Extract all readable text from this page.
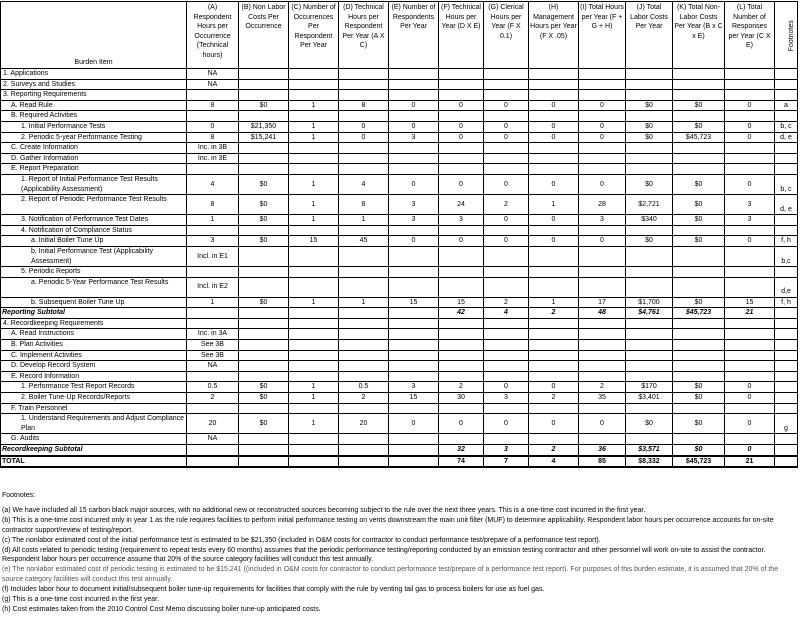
Burden Item	(A) Respondent Hours per Occurrence (Technical hours)	(B) Non Labor Costs Per Occurrence	(C) Number of Occurrences Per Respondent Per Year	(D) Technical Hours per Respondent Per Year (A X C)	(E) Number of Respondents Per Year	(F) Technical Hours per Year (D X E)	(G) Clerical Hours per Year (F X 0.1)	(H) Management Hours per Year (F X .05)	(I) Total Hours per Year (F + G + H)	(J) Total Labor Costs Per Year	(K) Total Non-Labor Costs Per Year (B x C x E)	(L) Total Number of Responses per Year (C X E)	Footnotes
1. Applications	NA												
2. Surveys and Studies	NA												
3. Reporting Requirements													
A. Read Rule	8	$0	1	8	0	0	0	0	0	$0	$0	0	a
B. Required Activities													
1. Initial Performance Tests	0	$21,350	1	0	0	0	0	0	0	$0	$0	0	b, c
2. Periodic 5-year Performance Testing	8	$15,241	1	0	3	0	0	0	0	$0	$45,723	0	d, e
C. Create Information	Inc. in 3B												
D. Gather Information	Inc. in 3E												
E. Report Preparation													
1. Report of Initial Performance Test Results (Applicability Assessment)	4	$0	1	4	0	0	0	0	0	$0	$0	0	b, c
2. Report of Periodic Performance Test Results	8	$0	1	8	3	24	2	1	28	$2,721	$0	3	d, e
3. Notification of Performance Test Dates	1	$0	1	1	3	3	0	0	3	$340	$0	3	
4. Notification of Compliance Status													
a. Initial Boiler Tune Up	3	$0	15	45	0	0	0	0	0	$0	$0	0	f, h
b. Initial Performance Test (Applicability Assessment)	Incl. in E1												b,c
5. Periodic Reports													
a. Periodic 5-Year Performance Test Results	Incl. in E2												d,e
b. Subsequent Boiler Tune Up	1	$0	1	1	15	15	2	1	17	$1,700	$0	15	f, h
Reporting Subtotal						42	4	2	48	$4,761	$45,723	21	
4. Recordkeeping Requirements													
A. Read Instructions	Inc. in 3A												
B. Plan Activities	See 3B												
C. Implement Activities	See 3B												
D. Develop Record System	NA												
E. Record Information													
1. Performance Test Report Records	0.5	$0	1	0.5	3	2	0	0	2	$170	$0	0	
2. Boiler Tune-Up Records/Reports	2	$0	1	2	15	30	3	2	35	$3,401	$0	0	
F. Train Personnel													
1. Understand Requirements and Adjust Compliance Plan	20	$0	1	20	0	0	0	0	0	$0	$0	0	g
G. Audits	NA												
Recordkeeping Subtotal						32	3	2	36	$3,571	$0	0	
TOTAL						74	7	4	85	$8,332	$45,723	21	

Footnotes:

(a) We have included all 15 carbon black major sources, with no additional new or reconstructed sources becoming subject to the rule over the next three years. This is a one-time cost incurred in the first year.

(b) This is a one-time cost incurred only in year 1 as the rule requires facilities to perform initial performance testing on vents downstream the main unit filter (MUF) to determine applicability. Respondent labor hours per occurrence accounts for on-site contractor support/review of testing/report.

(c) The nonlabor estimated cost of the initial performance test is estimated to be $21,350 (included in O&M costs for contractor to conduct performance test/prepare of a performance test report).

(d) All costs related to periodic testing (requirement to repeat tests every 60 months) assumes that the periodic performance testing/reporting conducted by an emission testing contractor and other personnel will work on-site to assist the contractor. Respondent labor hours per occurrence assume that 20% of the source category facilities will conduct this test annually.

(e) The nonlabor estimated cost of periodic testing is estimated to be $15,241 ((included in O&M costs for contractor to conduct performance test/prepare of a performance test report). For purposes of this burden estimate, it is assumed that 20% of the source category facilities will conduct this test annually.

(f) Includes labor hour to document initial/subsequent boiler tune-up requirements for facilities that comply with the rule by venting tail gas to process boilers for use as fuel gas.

(g) This is a one-time cost incurred in the first year.

(h) Cost estimates taken from the 2010 Control Cost Memo discussing boiler tune-up anticipated costs.
